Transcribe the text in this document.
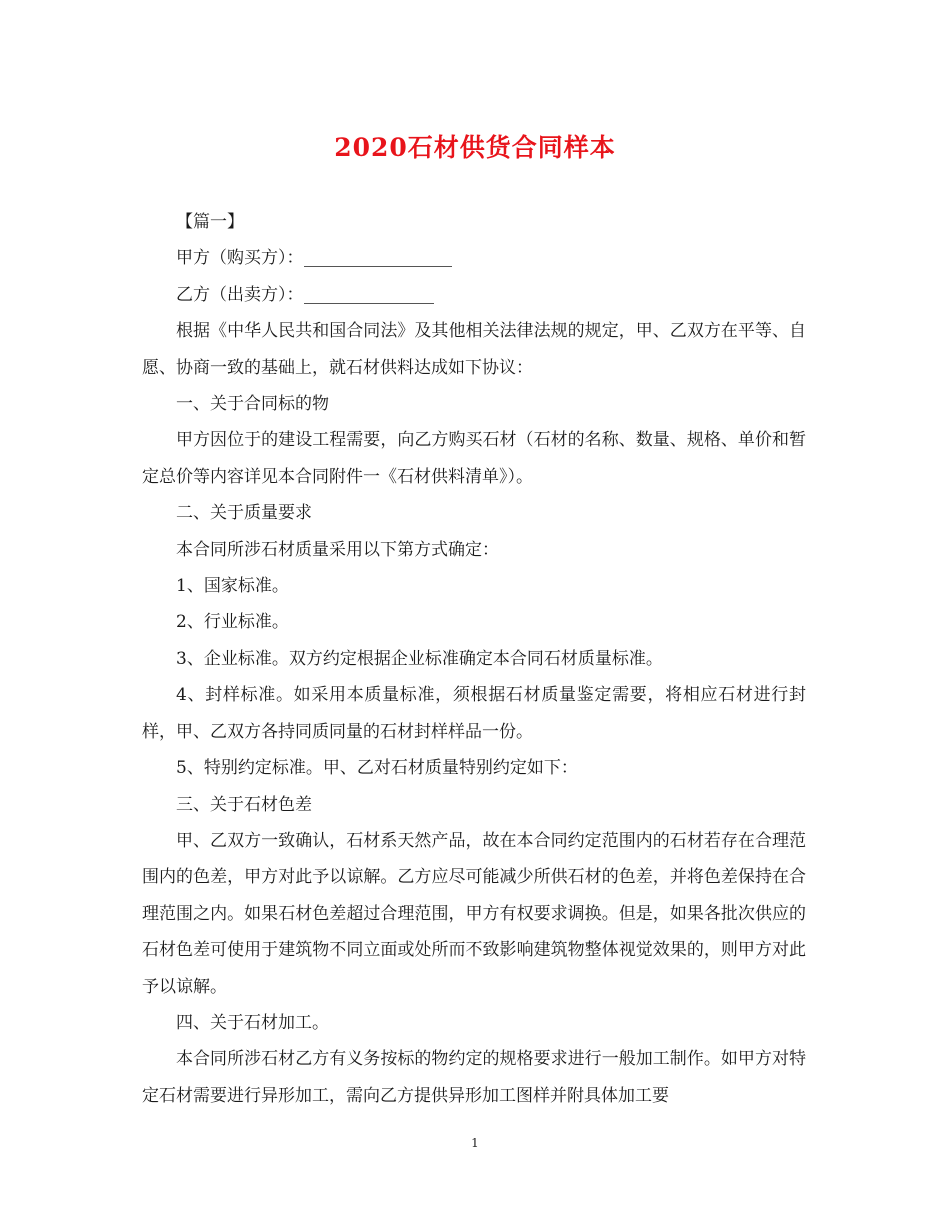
2020石材供货合同样本

【篇一】

甲方（购买方）：

乙方（出卖方）：

根据《中华人民共和国合同法》及其他相关法律法规的规定，甲、乙双方在平等、自愿、协商一致的基础上，就石材供料达成如下协议：

一、关于合同标的物

甲方因位于的建设工程需要，向乙方购买石材（石材的名称、数量、规格、单价和暂定总价等内容详见本合同附件一《石材供料清单》）。

二、关于质量要求

本合同所涉石材质量采用以下第方式确定：

1、国家标准。

2、行业标准。

3、企业标准。双方约定根据企业标准确定本合同石材质量标准。

4、封样标准。如采用本质量标准，须根据石材质量鉴定需要，将相应石材进行封样，甲、乙双方各持同质同量的石材封样样品一份。

5、特别约定标准。甲、乙对石材质量特别约定如下：

三、关于石材色差

甲、乙双方一致确认，石材系天然产品，故在本合同约定范围内的石材若存在合理范围内的色差，甲方对此予以谅解。乙方应尽可能减少所供石材的色差，并将色差保持在合理范围之内。如果石材色差超过合理范围，甲方有权要求调换。但是，如果各批次供应的石材色差可使用于建筑物不同立面或处所而不致影响建筑物整体视觉效果的，则甲方对此予以谅解。

四、关于石材加工。

本合同所涉石材乙方有义务按标的物约定的规格要求进行一般加工制作。如甲方对特定石材需要进行异形加工，需向乙方提供异形加工图样并附具体加工要

1
